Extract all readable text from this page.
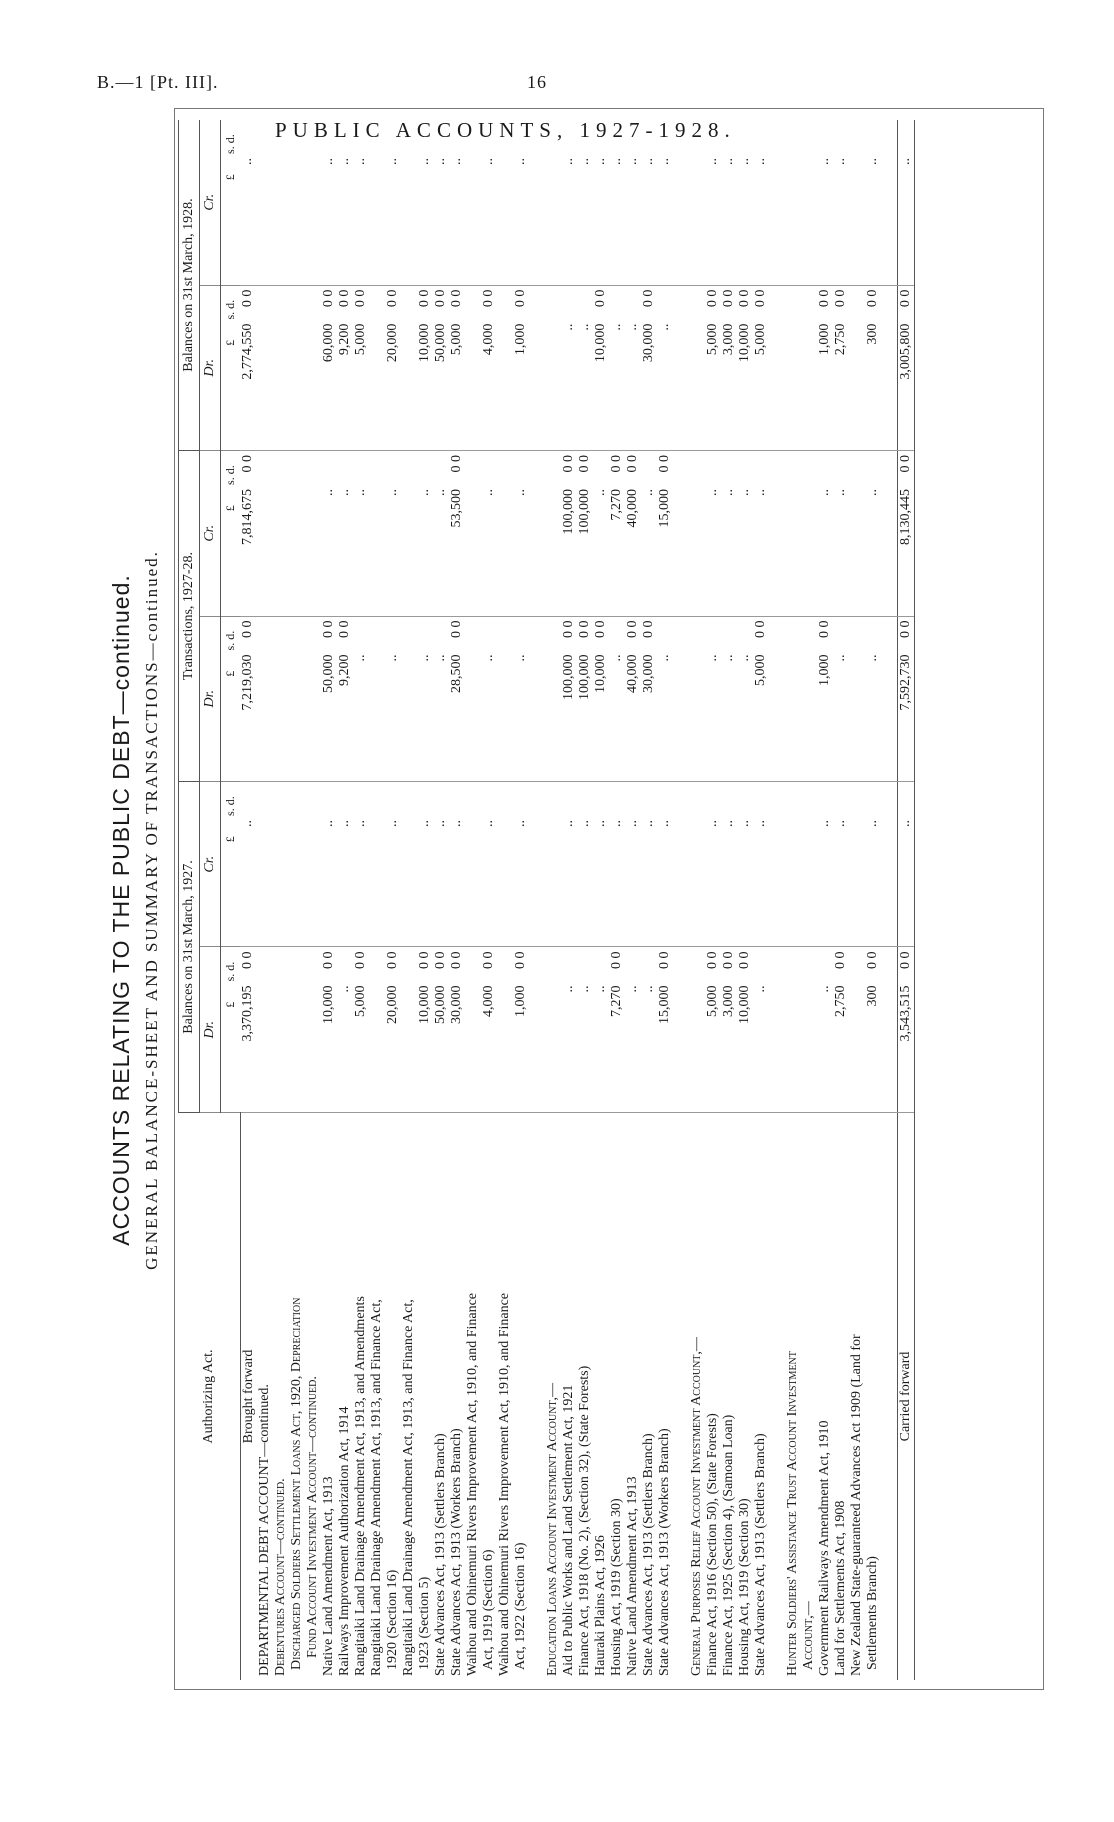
B.—1 [Pt. III].	16
PUBLIC ACCOUNTS, 1927-1928.
ACCOUNTS RELATING TO THE PUBLIC DEBT—continued. GENERAL BALANCE-SHEET AND SUMMARY OF TRANSACTIONS—continued.
Authorizing Act.	Balances on 31st March, 1927.		Transactions, 1927-28.		Balances on 31st March, 1928.	
	Dr.	Cr.	Dr.	Cr.	Dr.	Cr.
	£s. d.	£s. d.	£s. d.	£s. d.	£s. d.	£s. d.
Brought forward	3,370,1950 0	..	7,219,0300 0	7,814,6750 0	2,774,5500 0	..
DEPARTMENTAL DEBT ACCOUNT—continued.						
Debentures Account—continued.						
Discharged Soldiers Settlement Loans Act, 1920, Depreciation						
Fund Account Investment Account—continued.						
Native Land Amendment Act, 1913	10,0000 0	..	50,0000 0	..	60,0000 0	..
Railways Improvement Authorization Act, 1914	..	..	9,2000 0	..	9,2000 0	..
Rangitaiki Land Drainage Amendment Act, 1913, and Amendments	5,0000 0	..	..	..	5,0000 0	..
Rangitaiki Land Drainage Amendment Act, 1913, and Finance Act,						
1920 (Section 16)	20,0000 0	..	..	..	20,0000 0	..
Rangitaiki Land Drainage Amendment Act, 1913, and Finance Act,						
1923 (Section 5)	10,0000 0	..	..	..	10,0000 0	..
State Advances Act, 1913 (Settlers Branch)	50,0000 0	..	..	..	50,0000 0	..
State Advances Act, 1913 (Workers Branch)	30,0000 0	..	28,5000 0	53,5000 0	5,0000 0	..
Waihou and Ohinemuri Rivers Improvement Act, 1910, and Finance						
Act, 1919 (Section 6)	4,0000 0	..	..	..	4,0000 0	..
Waihou and Ohinemuri Rivers Improvement Act, 1910, and Finance						
Act, 1922 (Section 16)	1,0000 0	..	..	..	1,0000 0	..

Education Loans Account Investment Account,—						
Aid to Public Works and Land Settlement Act, 1921	..	..	100,0000 0	100,0000 0	..	..
Finance Act, 1918 (No. 2), (Section 32), (State Forests)	..	..	100,0000 0	100,0000 0	..	..
Hauraki Plains Act, 1926	..	..	10,0000 0	..	10,0000 0	..
Housing Act, 1919 (Section 30)	7,2700 0	..	..	7,2700 0	..	..
Native Land Amendment Act, 1913	..	..	40,0000 0	40,0000 0	..	..
State Advances Act, 1913 (Settlers Branch)	..	..	30,0000 0	..	30,0000 0	..
State Advances Act, 1913 (Workers Branch)	15,0000 0	..	..	15,0000 0	..	..

General Purposes Relief Account Investment Account,—						
Finance Act, 1916 (Section 50), (State Forests)	5,0000 0	..	..	..	5,0000 0	..
Finance Act, 1925 (Section 4), (Samoan Loan)	3,0000 0	..	..	..	3,0000 0	..
Housing Act, 1919 (Section 30)	10,0000 0	..	..	..	10,0000 0	..
State Advances Act, 1913 (Settlers Branch)	..	..	5,0000 0	..	5,0000 0	..

Hunter Soldiers' Assistance Trust Account Investment						
Account,—						
Government Railways Amendment Act, 1910	..	..	1,0000 0	..	1,0000 0	..
Land for Settlements Act, 1908	2,7500 0	..	..	..	2,7500 0	..
New Zealand State-guaranteed Advances Act 1909 (Land for						
Settlements Branch)	3000 0	..	..	..	3000 0	..

Carried forward	3,543,5150 0	..	7,592,7300 0	8,130,4450 0	3,005,8000 0	..
